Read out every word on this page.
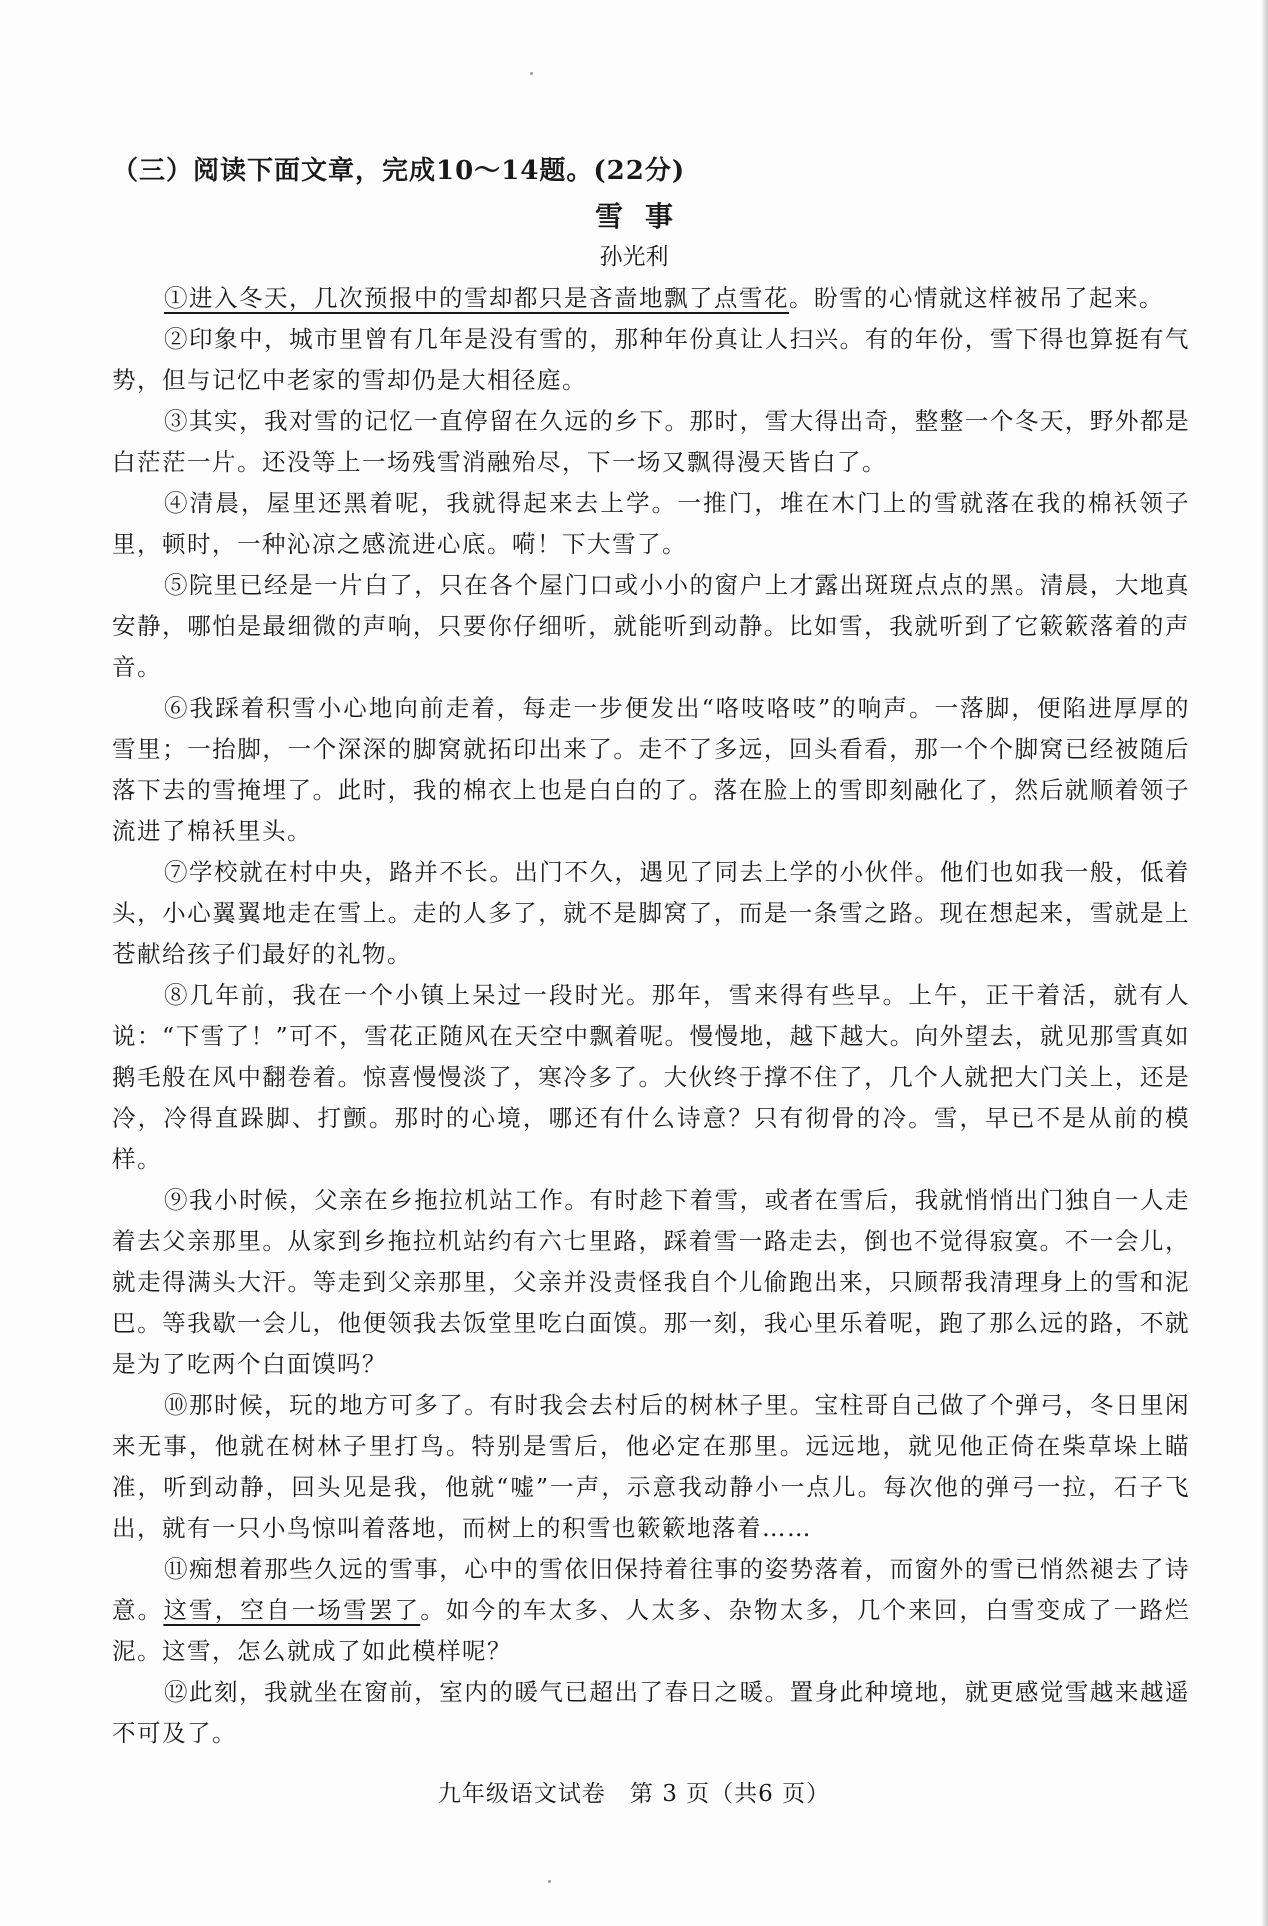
（三）阅读下面文章，完成10～14题。(22分)
雪事
孙光利

①进入冬天，几次预报中的雪却都只是吝啬地飘了点雪花。盼雪的心情就这样被吊了起来。

②印象中，城市里曾有几年是没有雪的，那种年份真让人扫兴。有的年份，雪下得也算挺有气势，但与记忆中老家的雪却仍是大相径庭。

③其实，我对雪的记忆一直停留在久远的乡下。那时，雪大得出奇，整整一个冬天，野外都是白茫茫一片。还没等上一场残雪消融殆尽，下一场又飘得漫天皆白了。

④清晨，屋里还黑着呢，我就得起来去上学。一推门，堆在木门上的雪就落在我的棉袄领子里，顿时，一种沁凉之感流进心底。嗬！下大雪了。

⑤院里已经是一片白了，只在各个屋门口或小小的窗户上才露出斑斑点点的黑。清晨，大地真安静，哪怕是最细微的声响，只要你仔细听，就能听到动静。比如雪，我就听到了它簌簌落着的声音。

⑥我踩着积雪小心地向前走着，每走一步便发出“咯吱咯吱”的响声。一落脚，便陷进厚厚的雪里；一抬脚，一个深深的脚窝就拓印出来了。走不了多远，回头看看，那一个个脚窝已经被随后落下去的雪掩埋了。此时，我的棉衣上也是白白的了。落在脸上的雪即刻融化了，然后就顺着领子流进了棉袄里头。

⑦学校就在村中央，路并不长。出门不久，遇见了同去上学的小伙伴。他们也如我一般，低着头，小心翼翼地走在雪上。走的人多了，就不是脚窝了，而是一条雪之路。现在想起来，雪就是上苍献给孩子们最好的礼物。

⑧几年前，我在一个小镇上呆过一段时光。那年，雪来得有些早。上午，正干着活，就有人说：“下雪了！”可不，雪花正随风在天空中飘着呢。慢慢地，越下越大。向外望去，就见那雪真如鹅毛般在风中翻卷着。惊喜慢慢淡了，寒冷多了。大伙终于撑不住了，几个人就把大门关上，还是冷，冷得直跺脚、打颤。那时的心境，哪还有什么诗意？只有彻骨的冷。雪，早已不是从前的模样。

⑨我小时候，父亲在乡拖拉机站工作。有时趁下着雪，或者在雪后，我就悄悄出门独自一人走着去父亲那里。从家到乡拖拉机站约有六七里路，踩着雪一路走去，倒也不觉得寂寞。不一会儿，就走得满头大汗。等走到父亲那里，父亲并没责怪我自个儿偷跑出来，只顾帮我清理身上的雪和泥巴。等我歇一会儿，他便领我去饭堂里吃白面馍。那一刻，我心里乐着呢，跑了那么远的路，不就是为了吃两个白面馍吗？

⑩那时候，玩的地方可多了。有时我会去村后的树林子里。宝柱哥自己做了个弹弓，冬日里闲来无事，他就在树林子里打鸟。特别是雪后，他必定在那里。远远地，就见他正倚在柴草垛上瞄准，听到动静，回头见是我，他就“嘘”一声，示意我动静小一点儿。每次他的弹弓一拉，石子飞出，就有一只小鸟惊叫着落地，而树上的积雪也簌簌地落着……

⑪痴想着那些久远的雪事，心中的雪依旧保持着往事的姿势落着，而窗外的雪已悄然褪去了诗意。这雪，空自一场雪罢了。如今的车太多、人太多、杂物太多，几个来回，白雪变成了一路烂泥。这雪，怎么就成了如此模样呢？

⑫此刻，我就坐在窗前，室内的暖气已超出了春日之暖。置身此种境地，就更感觉雪越来越遥不可及了。

九年级语文试卷　第 3 页（共6 页）
